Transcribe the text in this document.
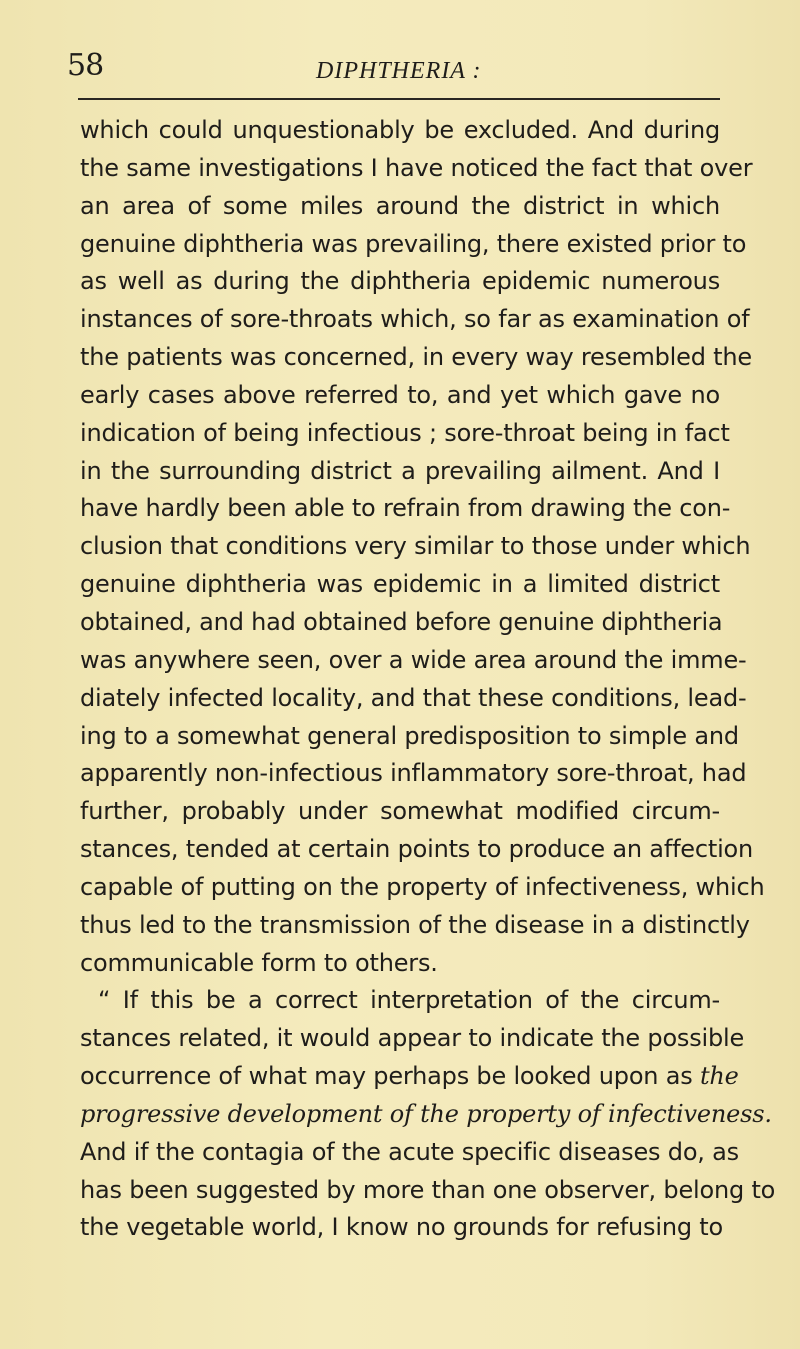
58	DIPHTHERIA :
which could unquestionably be excluded. And during
the same investigations I have noticed the fact that over
an area of some miles around the district in which
genuine diphtheria was prevailing, there existed prior to
as well as during the diphtheria epidemic numerous
instances of sore-throats which, so far as examination of
the patients was concerned, in every way resembled the
early cases above referred to, and yet which gave no
indication of being infectious ; sore-throat being in fact
in the surrounding district a prevailing ailment. And I
have hardly been able to refrain from drawing the con-
clusion that conditions very similar to those under which
genuine diphtheria was epidemic in a limited district
obtained, and had obtained before genuine diphtheria
was anywhere seen, over a wide area around the imme-
diately infected locality, and that these conditions, lead-
ing to a somewhat general predisposition to simple and
apparently non-infectious inflammatory sore-throat, had
further, probably under somewhat modified circum-
stances, tended at certain points to produce an affection
capable of putting on the property of infectiveness, which
thus led to the transmission of the disease in a distinctly
communicable form to others.
“ If this be a correct interpretation of the circum-
stances related, it would appear to indicate the possible
occurrence of what may perhaps be looked upon as the
progressive development of the property of infectiveness.
And if the contagia of the acute specific diseases do, as
has been suggested by more than one observer, belong to
the vegetable world, I know no grounds for refusing to
